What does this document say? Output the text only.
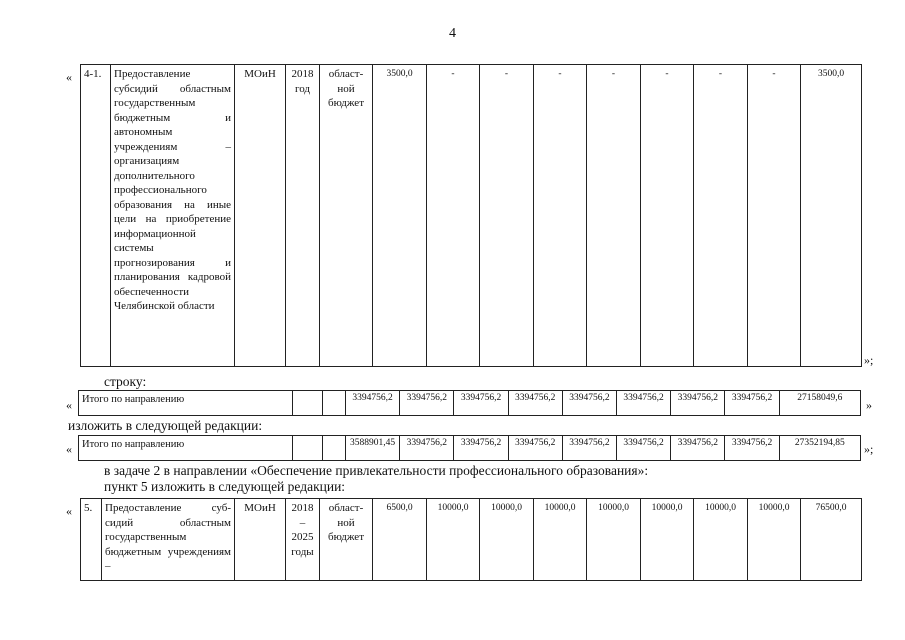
4
« 4-1.	Предоставление субсидий областным государственным бюджетным и автономным учреждениям – организациям дополнительного профессионального образования на иные цели на приобретение информационной системы прогнозирования и планирования кадровой обеспеченности Челябинской области	МОиН	2018 год	област-ной бюджет	3500,0	-	-	-	-	-	-	-	3500,0
»;
строку:
« Итого по направлению			3394756,2	3394756,2	3394756,2	3394756,2	3394756,2	3394756,2	3394756,2	3394756,2	27158049,6 »
изложить в следующей редакции:
« Итого по направлению			3588901,45	3394756,2	3394756,2	3394756,2	3394756,2	3394756,2	3394756,2	3394756,2	27352194,85 »;
в задаче 2 в направлении «Обеспечение привлекательности профессионального образования»:
пункт 5 изложить в следующей редакции:
« 5.	Предоставление суб-сидий областным государственным бюджетным учреждениям –	МОиН	2018 – 2025 годы	област-ной бюджет	6500,0	10000,0	10000,0	10000,0	10000,0	10000,0	10000,0	10000,0	76500,0
